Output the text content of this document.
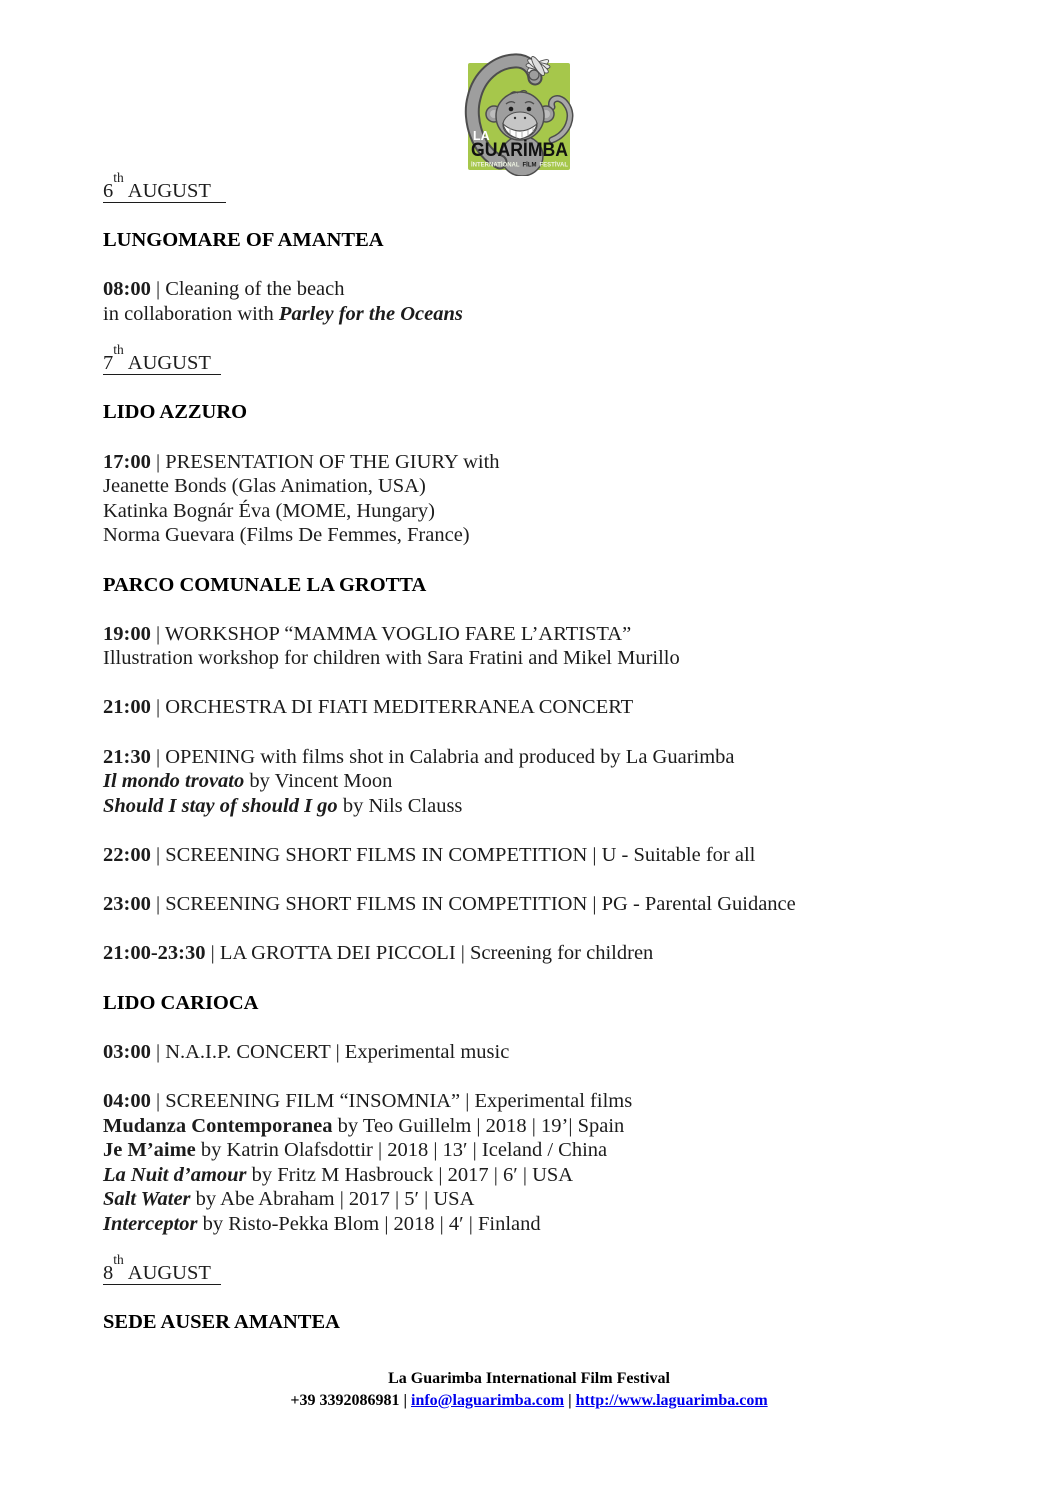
LA
GUARİMBA
İNTERNATİONAL FİLM FESTİVAL
6th AUGUST
LUNGOMARE OF AMANTEA
08:00 | Cleaning of the beach
in collaboration with Parley for the Oceans
7th AUGUST
LIDO AZZURO
17:00 | PRESENTATION OF THE GIURY with
Jeanette Bonds (Glas Animation, USA)
Katinka Bognár Éva (MOME, Hungary)
Norma Guevara (Films De Femmes, France)
PARCO COMUNALE LA GROTTA
19:00 | WORKSHOP “MAMMA VOGLIO FARE L’ARTISTA”
Illustration workshop for children with Sara Fratini and Mikel Murillo
21:00 | ORCHESTRA DI FIATI MEDITERRANEA CONCERT
21:30 | OPENING with films shot in Calabria and produced by La Guarimba
Il mondo trovato by Vincent Moon
Should I stay of should I go by Nils Clauss
22:00 | SCREENING SHORT FILMS IN COMPETITION | U - Suitable for all
23:00 | SCREENING SHORT FILMS IN COMPETITION | PG - Parental Guidance
21:00-23:30 | LA GROTTA DEI PICCOLI | Screening for children
LIDO CARIOCA
03:00 | N.A.I.P. CONCERT | Experimental music
04:00 | SCREENING FILM “INSOMNIA” | Experimental films
Mudanza Contemporanea by Teo Guillelm | 2018 | 19’| Spain
Je M’aime by Katrin Olafsdottir | 2018 | 13′ | Iceland / China
La Nuit d’amour by Fritz M Hasbrouck | 2017 | 6′ | USA
Salt Water by Abe Abraham | 2017 | 5′ | USA
Interceptor by Risto-Pekka Blom | 2018 | 4′ | Finland
8th AUGUST
SEDE AUSER AMANTEA
La Guarimba International Film Festival
+39 3392086981 | info@laguarimba.com | http://www.laguarimba.com
